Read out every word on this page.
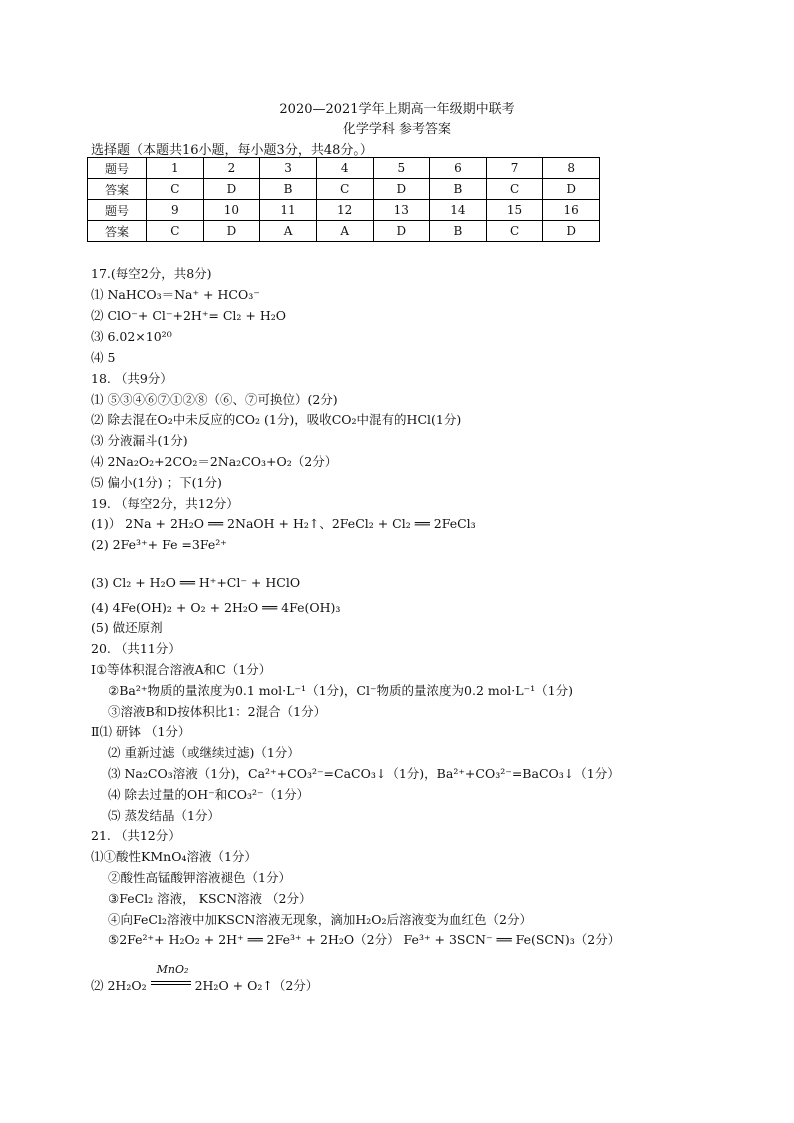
2020—2021学年上期高一年级期中联考
化学学科 参考答案
选择题（本题共16小题，每小题3分，共48分。）
题号	1	2	3	4	5	6	7	8
答案	C	D	B	C	D	B	C	D
题号	9	10	11	12	13	14	15	16
答案	C	D	A	A	D	B	C	D
17.(每空2分，共8分)
⑴ NaHCO₃＝Na⁺ + HCO₃⁻
⑵ ClO⁻+ Cl⁻+2H⁺= Cl₂ + H₂O
⑶ 6.02×10²⁰
⑷ 5
18. （共9分）
⑴ ⑤③④⑥⑦①②⑧（⑥、⑦可换位）(2分)
⑵ 除去混在O₂中未反应的CO₂ (1分)，吸收CO₂中混有的HCl(1分)
⑶ 分液漏斗(1分)
⑷ 2Na₂O₂+2CO₂＝2Na₂CO₃+O₂（2分）
⑸ 偏小(1分) ；下(1分)
19. （每空2分，共12分）
(1)） 2Na + 2H₂O ══ 2NaOH + H₂↑、2FeCl₂ + Cl₂ ══ 2FeCl₃
(2) 2Fe³⁺+ Fe =3Fe²⁺
(3) Cl₂ + H₂O ══ H⁺+Cl⁻ + HClO
(4) 4Fe(OH)₂ + O₂ + 2H₂O ══ 4Fe(OH)₃
(5) 做还原剂
20. （共11分）
Ⅰ①等体积混合溶液A和C（1分）
②Ba²⁺物质的量浓度为0.1 mol·L⁻¹（1分)，Cl⁻物质的量浓度为0.2 mol·L⁻¹（1分)
③溶液B和D按体积比1：2混合（1分）
Ⅱ⑴ 研钵 （1分）
⑵ 重新过滤（或继续过滤)（1分）
⑶ Na₂CO₃溶液（1分)，Ca²⁺+CO₃²⁻=CaCO₃↓（1分)，Ba²⁺+CO₃²⁻=BaCO₃↓（1分）
⑷ 除去过量的OH⁻和CO₃²⁻（1分）
⑸ 蒸发结晶（1分）
21. （共12分）
⑴①酸性KMnO₄溶液（1分）
②酸性高锰酸钾溶液褪色（1分）
③FeCl₂ 溶液， KSCN溶液 （2分）
④向FeCl₂溶液中加KSCN溶液无现象，滴加H₂O₂后溶液变为血红色（2分）
⑤2Fe²⁺+ H₂O₂ + 2H⁺ ══ 2Fe³⁺ + 2H₂O（2分） Fe³⁺ + 3SCN⁻ ══ Fe(SCN)₃（2分）
⑵ 2H₂O₂
MnO₂
2H₂O + O₂↑（2分）
